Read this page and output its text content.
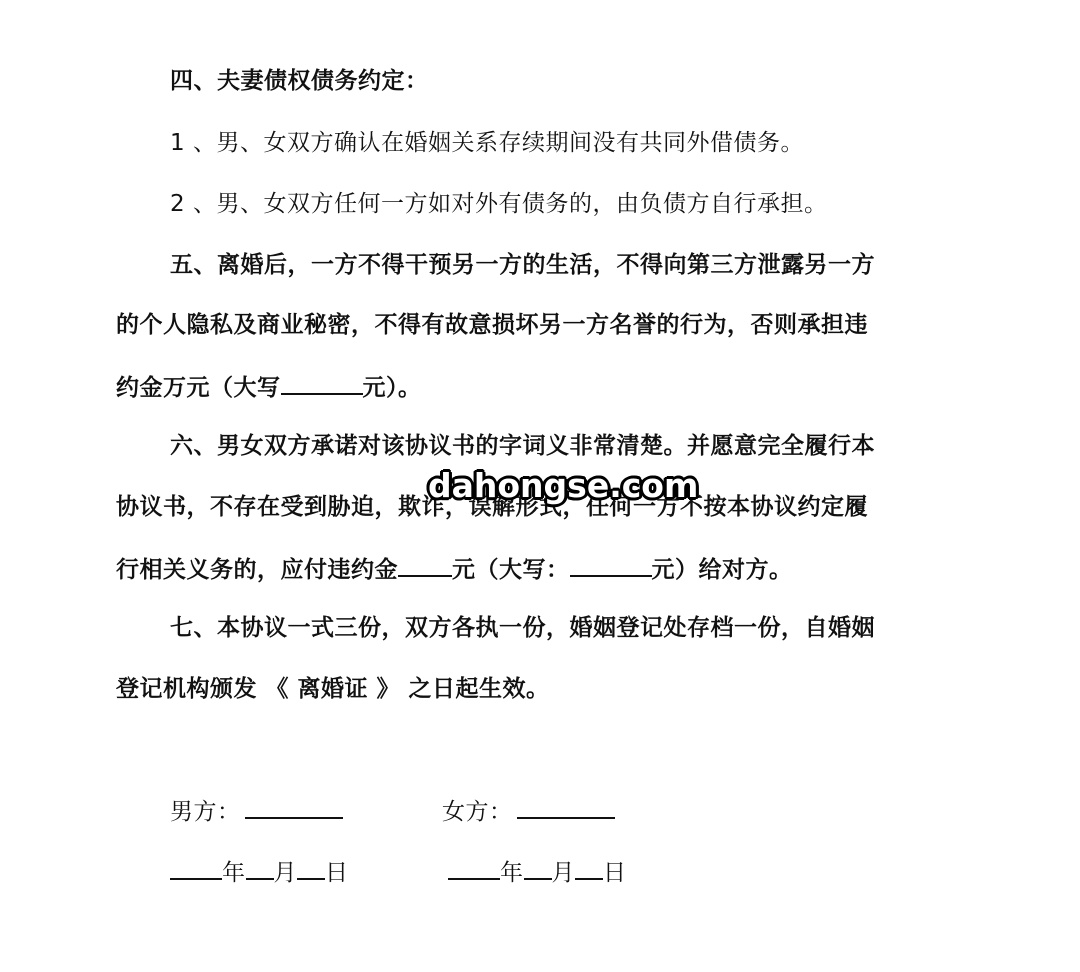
四、夫妻债权债务约定：
1 、男、女双方确认在婚姻关系存续期间没有共同外借债务。
2 、男、女双方任何一方如对外有债务的，由负债方自行承担。
五、离婚后，一方不得干预另一方的生活，不得向第三方泄露另一方
的个人隐私及商业秘密，不得有故意损坏另一方名誉的行为，否则承担违
约金万元（大写	元）。
六、男女双方承诺对该协议书的字词义非常清楚。并愿意完全履行本
协议书，不存在受到胁迫，欺诈，误解形式，任何一方不按本协议约定履
行相关义务的，应付违约金 元（大写：	元）给对方。
七、本协议一式三份，双方各执一份，婚姻登记处存档一份，自婚姻
登记机构颁发 《 离婚证 》 之日起生效。
男方：	女方：
年 月 日	年 月 日
dahongse.com
